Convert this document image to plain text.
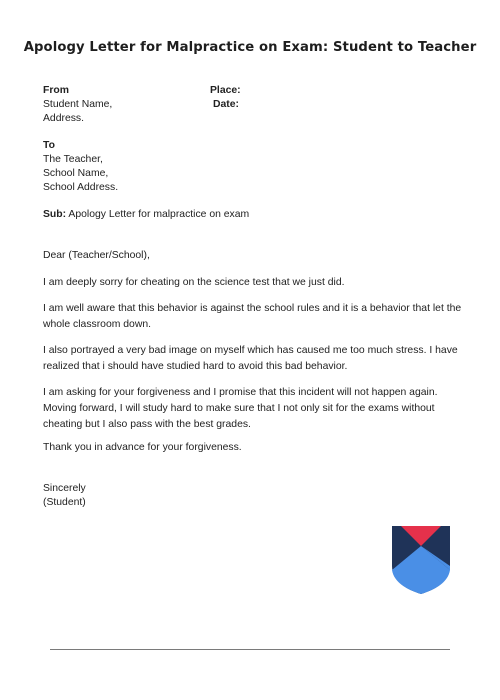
Apology Letter for Malpractice on Exam: Student to Teacher
From
Student Name,
Address.
Place:
Date:
To
The Teacher,
School Name,
School Address.
Sub: Apology Letter for malpractice on exam
Dear (Teacher/School),
I am deeply sorry for cheating on the science test that we just did.
I am well aware that this behavior is against the school rules and it is a behavior that let the whole classroom down.
I also portrayed a very bad image on myself which has caused me too much stress. I have realized that i should have studied hard to avoid this bad behavior.
I am asking for your forgiveness and I promise that this incident will not happen again. Moving forward, I will study hard to make sure that I not only sit for the exams without cheating but I also pass with the best grades.
Thank you in advance for your forgiveness.
Sincerely
(Student)
